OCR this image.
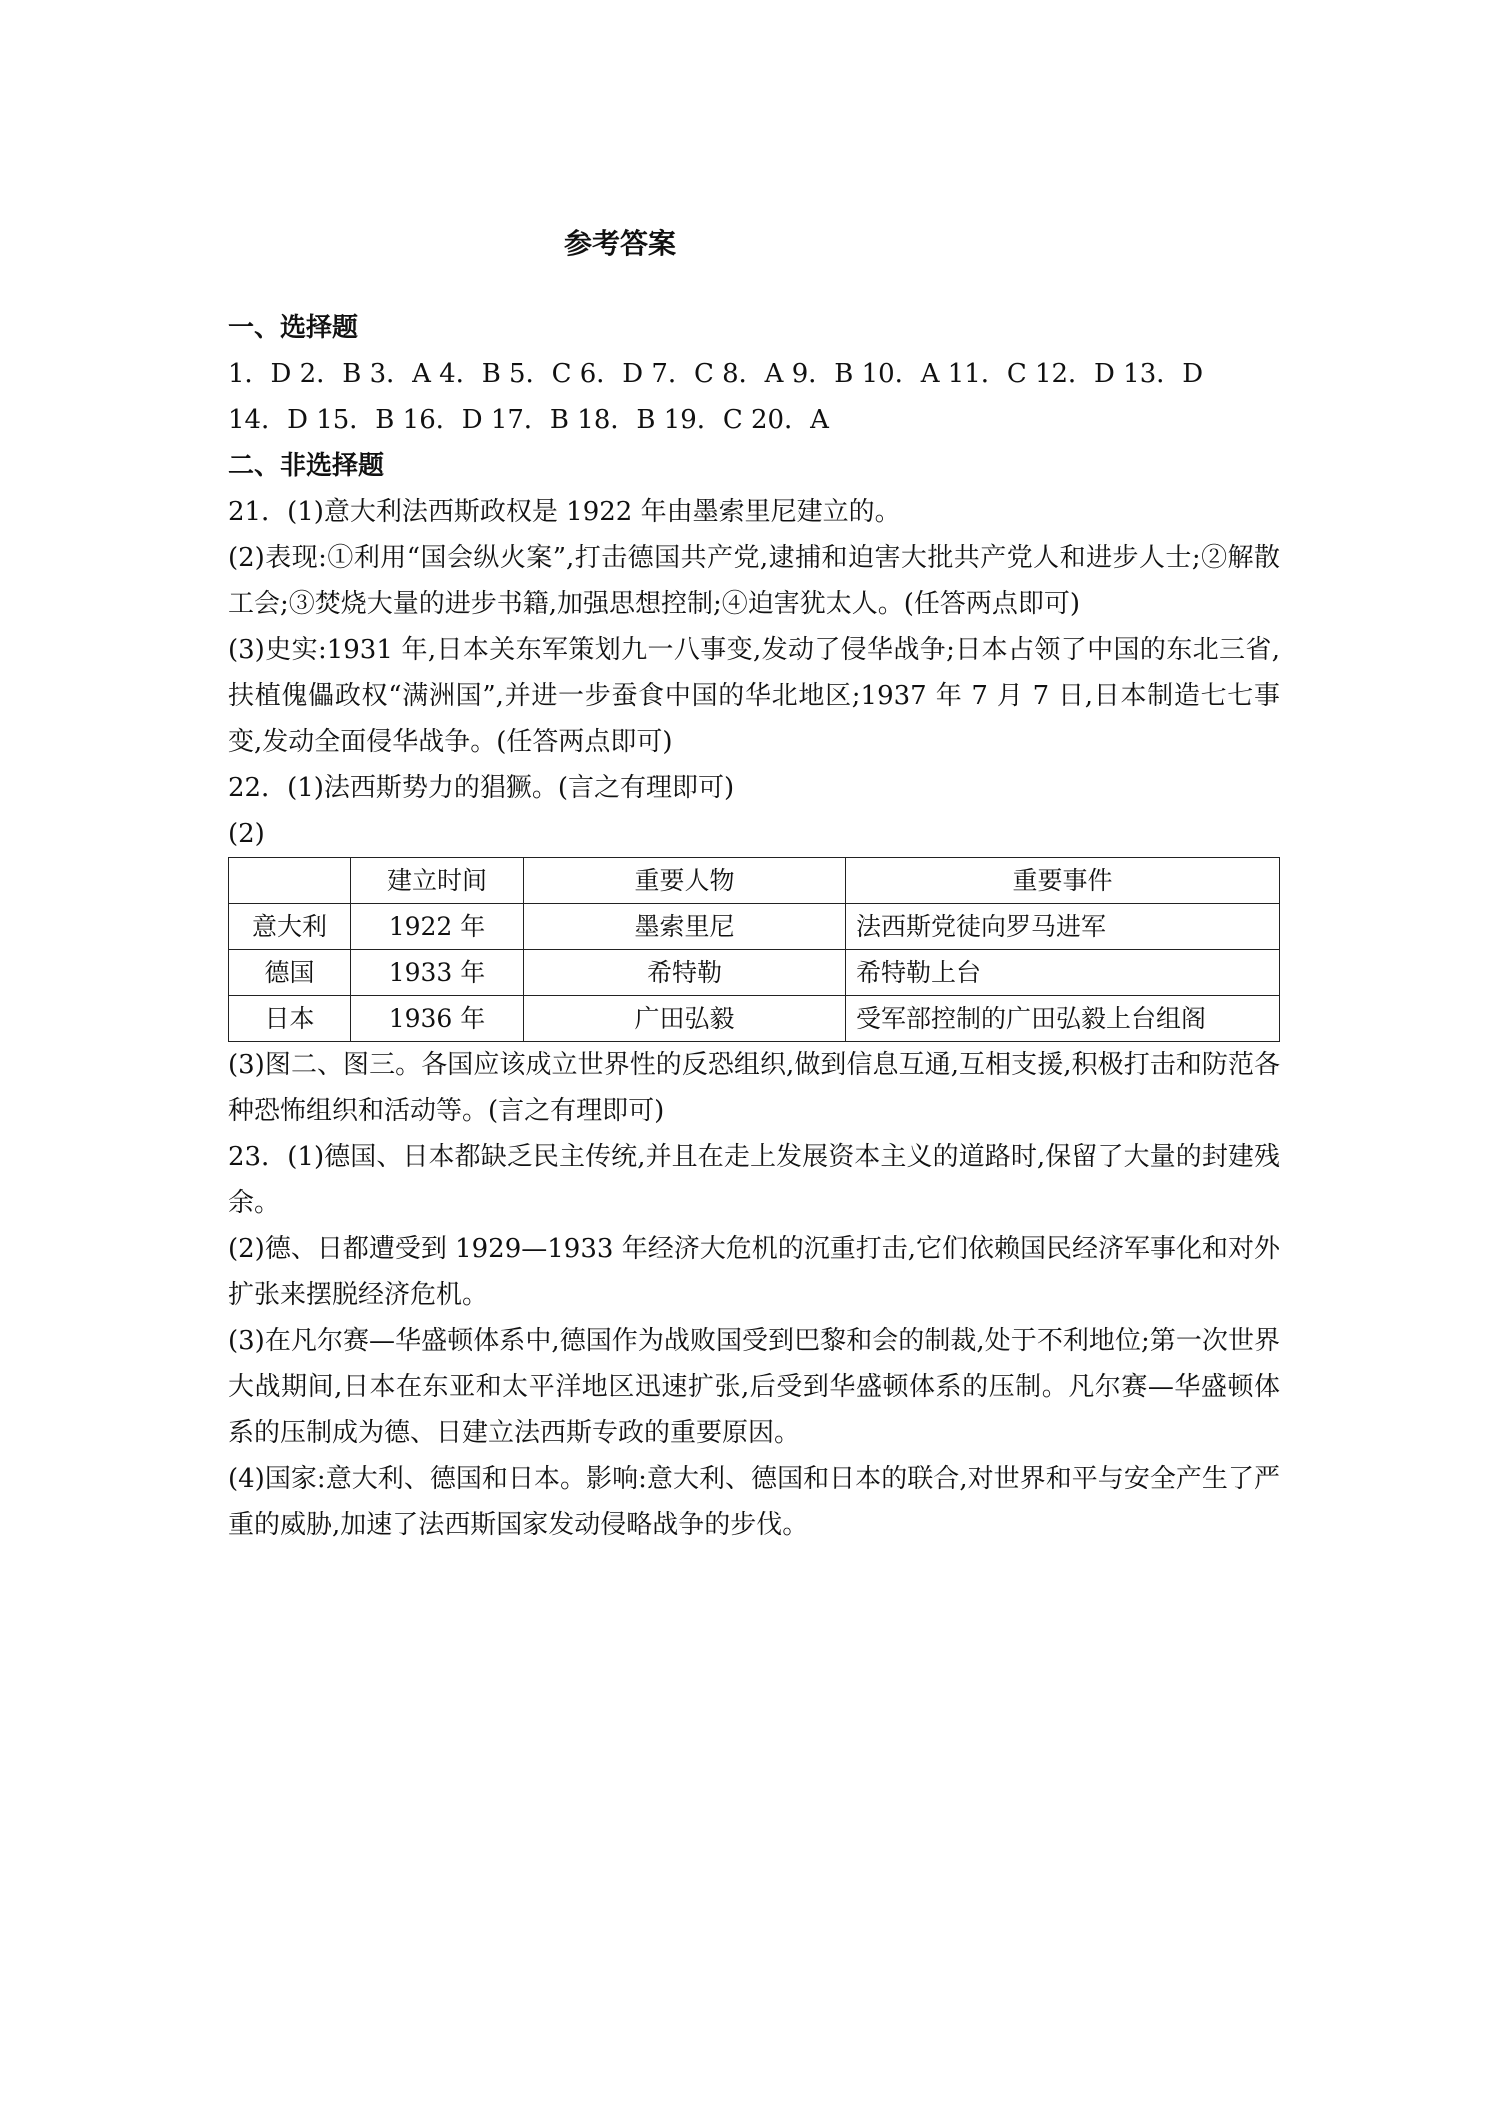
参考答案
一、选择题

1．D 2．B 3．A 4．B 5．C 6．D 7．C 8．A 9．B 10．A 11．C 12．D 13．D

14．D 15．B 16．D 17．B 18．B 19．C 20．A

二、非选择题

21．(1)意大利法西斯政权是 1922 年由墨索里尼建立的。

(2)表现:①利用“国会纵火案”,打击德国共产党,逮捕和迫害大批共产党人和进步人士;②解散工会;③焚烧大量的进步书籍,加强思想控制;④迫害犹太人。(任答两点即可)

(3)史实:1931 年,日本关东军策划九一八事变,发动了侵华战争;日本占领了中国的东北三省,扶植傀儡政权“满洲国”,并进一步蚕食中国的华北地区;1937 年 7 月 7 日,日本制造七七事变,发动全面侵华战争。(任答两点即可)

22．(1)法西斯势力的猖獗。(言之有理即可)

(2)

	建立时间	重要人物	重要事件
意大利	1922 年	墨索里尼	法西斯党徒向罗马进军
德国	1933 年	希特勒	希特勒上台
日本	1936 年	广田弘毅	受军部控制的广田弘毅上台组阁

(3)图二、图三。各国应该成立世界性的反恐组织,做到信息互通,互相支援,积极打击和防范各种恐怖组织和活动等。(言之有理即可)

23．(1)德国、日本都缺乏民主传统,并且在走上发展资本主义的道路时,保留了大量的封建残余。

(2)德、日都遭受到 1929—1933 年经济大危机的沉重打击,它们依赖国民经济军事化和对外扩张来摆脱经济危机。

(3)在凡尔赛—华盛顿体系中,德国作为战败国受到巴黎和会的制裁,处于不利地位;第一次世界大战期间,日本在东亚和太平洋地区迅速扩张,后受到华盛顿体系的压制。凡尔赛—华盛顿体系的压制成为德、日建立法西斯专政的重要原因。

(4)国家:意大利、德国和日本。影响:意大利、德国和日本的联合,对世界和平与安全产生了严重的威胁,加速了法西斯国家发动侵略战争的步伐。
